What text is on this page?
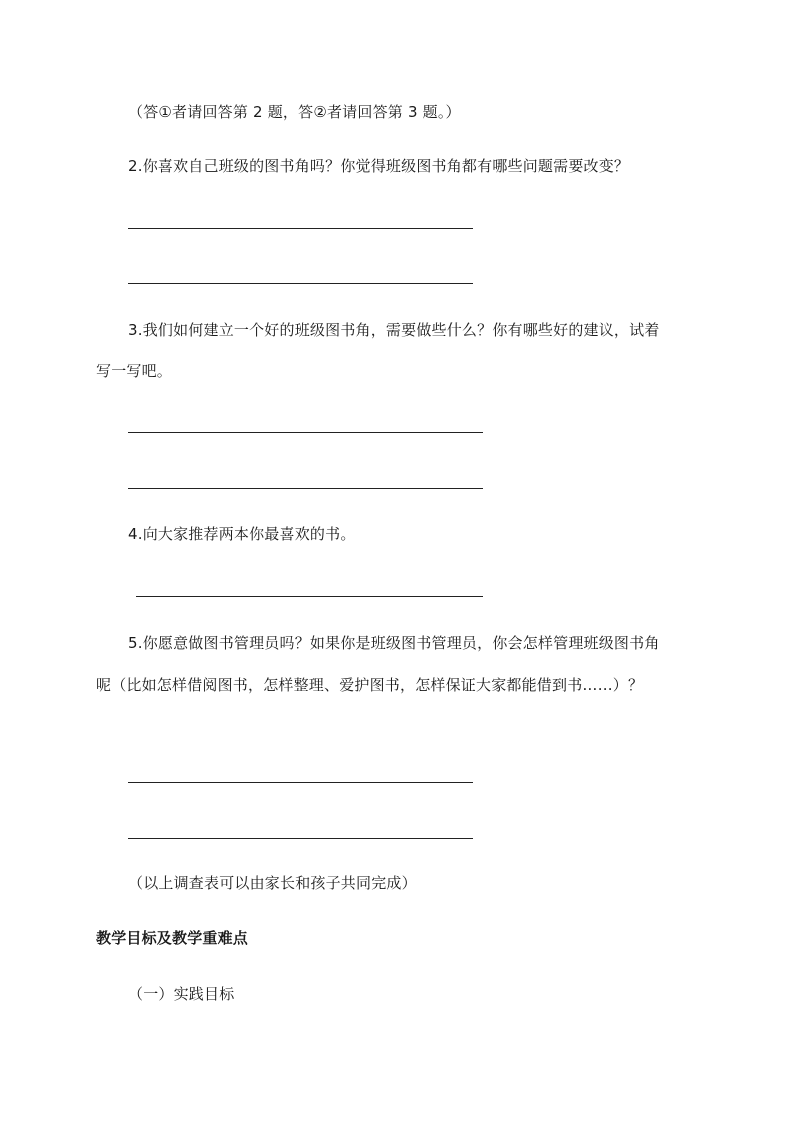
（答①者请回答第 2 题，答②者请回答第 3 题。）
2.你喜欢自己班级的图书角吗？你觉得班级图书角都有哪些问题需要改变？
3.我们如何建立一个好的班级图书角，需要做些什么？你有哪些好的建议，试着
写一写吧。
4.向大家推荐两本你最喜欢的书。
5.你愿意做图书管理员吗？如果你是班级图书管理员，你会怎样管理班级图书角
呢（比如怎样借阅图书，怎样整理、爱护图书，怎样保证大家都能借到书……）？
（以上调查表可以由家长和孩子共同完成）
教学目标及教学重难点
（一）实践目标
